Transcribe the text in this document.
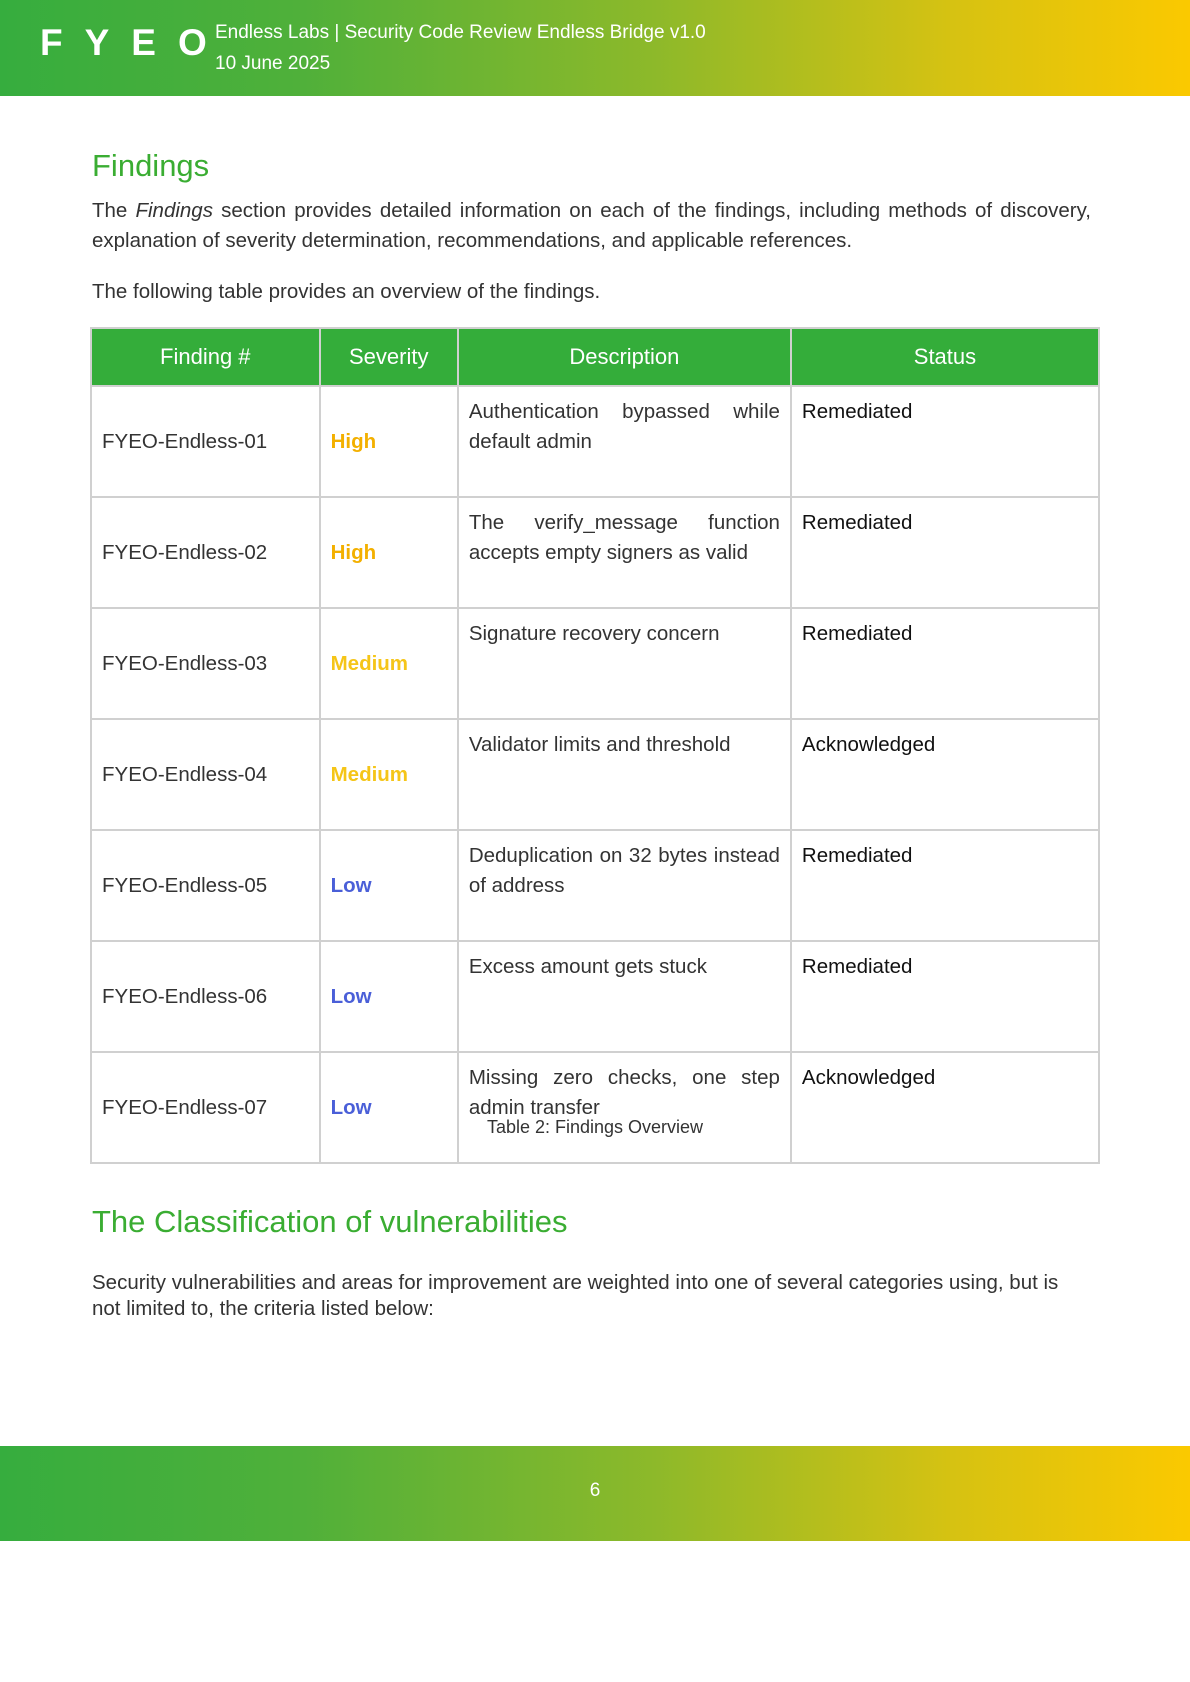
FYEO
Endless Labs | Security Code Review Endless Bridge v1.0
10 June 2025
Findings

The Findings section provides detailed information on each of the findings, including methods of discovery, explanation of severity determination, recommendations, and applicable references.

The following table provides an overview of the findings.

Finding #	Severity	Description	Status
FYEO-Endless-01	High	Authentication bypassed while default admin	Remediated
FYEO-Endless-02	High	The verify_message function accepts empty signers as valid	Remediated
FYEO-Endless-03	Medium	Signature recovery concern	Remediated
FYEO-Endless-04	Medium	Validator limits and threshold	Acknowledged
FYEO-Endless-05	Low	Deduplication on 32 bytes instead of address	Remediated
FYEO-Endless-06	Low	Excess amount gets stuck	Remediated
FYEO-Endless-07	Low	Missing zero checks, one step admin transfer	Acknowledged
Table 2: Findings Overview
The Classification of vulnerabilities

Security vulnerabilities and areas for improvement are weighted into one of several categories using, but is not limited to, the criteria listed below:

6
